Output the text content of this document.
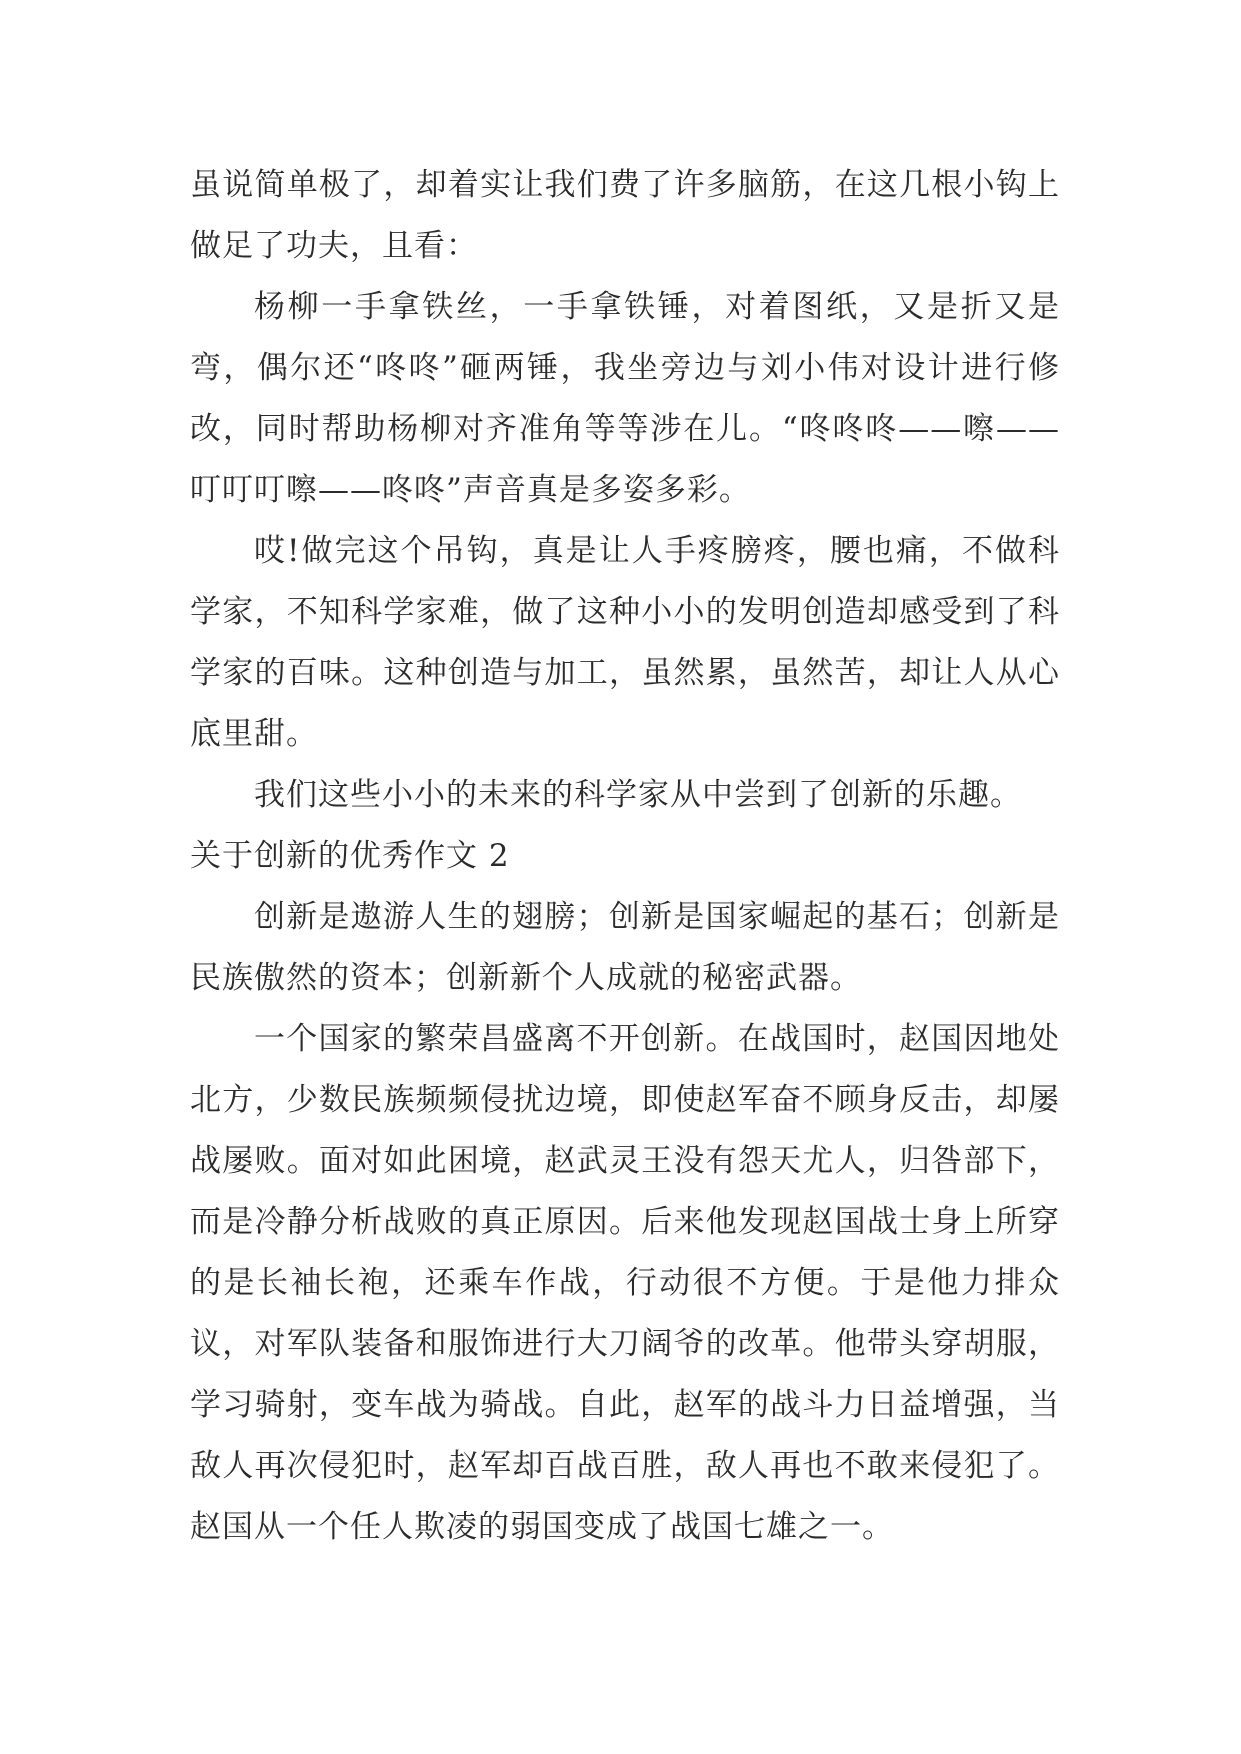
虽说简单极了，却着实让我们费了许多脑筋，在这几根小钩上做足了功夫，且看：

杨柳一手拿铁丝，一手拿铁锤，对着图纸，又是折又是弯，偶尔还“咚咚”砸两锤，我坐旁边与刘小伟对设计进行修改，同时帮助杨柳对齐准角等等涉在儿。“咚咚咚——嚓——叮叮叮嚓——咚咚”声音真是多姿多彩。

哎!做完这个吊钩，真是让人手疼膀疼，腰也痛，不做科学家，不知科学家难，做了这种小小的发明创造却感受到了科学家的百味。这种创造与加工，虽然累，虽然苦，却让人从心底里甜。

我们这些小小的未来的科学家从中尝到了创新的乐趣。

关于创新的优秀作文 2

创新是遨游人生的翅膀；创新是国家崛起的基石；创新是民族傲然的资本；创新新个人成就的秘密武器。

一个国家的繁荣昌盛离不开创新。在战国时，赵国因地处北方，少数民族频频侵扰边境，即使赵军奋不顾身反击，却屡战屡败。面对如此困境，赵武灵王没有怨天尤人，归咎部下，而是冷静分析战败的真正原因。后来他发现赵国战士身上所穿的是长袖长袍，还乘车作战，行动很不方便。于是他力排众议，对军队装备和服饰进行大刀阔爷的改革。他带头穿胡服，学习骑射，变车战为骑战。自此，赵军的战斗力日益增强，当敌人再次侵犯时，赵军却百战百胜，敌人再也不敢来侵犯了。赵国从一个任人欺凌的弱国变成了战国七雄之一。
